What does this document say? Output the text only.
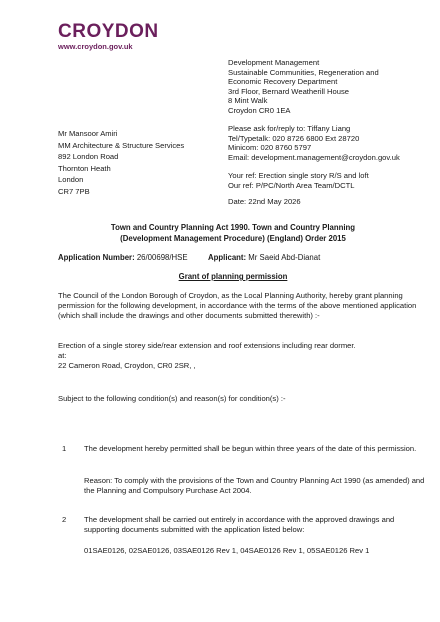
CROYDON
www.croydon.gov.uk
Development Management
Sustainable Communities, Regeneration and
Economic Recovery Department
3rd Floor, Bernard Weatherill House
8 Mint Walk
Croydon CR0 1EA
Please ask for/reply to: Tiffany Liang
Tel/Typetalk: 020 8726 6800 Ext 28720
Minicom: 020 8760 5797
Email: development.management@croydon.gov.uk
Mr Mansoor Amiri
MM Architecture & Structure Services
892 London Road
Thornton Heath
London
CR7 7PB
Your ref: Erection single story R/S and loft
Our ref: P/PC/North Area Team/DCTL
Date: 22nd May 2026
Town and Country Planning Act 1990. Town and Country Planning
(Development Management Procedure) (England) Order 2015
Application Number: 26/00698/HSE	Applicant: Mr Saeid Abd-Dianat
Grant of planning permission
The Council of the London Borough of Croydon, as the Local Planning Authority, hereby grant planning permission for the following development, in accordance with the terms of the above mentioned application (which shall include the drawings and other documents submitted therewith) :-
Erection of a single storey side/rear extension and roof extensions including rear dormer.
at:
22 Cameron Road, Croydon, CR0 2SR, ,
Subject to the following condition(s) and reason(s) for condition(s) :-
1 The development hereby permitted shall be begun within three years of the date of this permission.
Reason: To comply with the provisions of the Town and Country Planning Act 1990 (as amended) and the Planning and Compulsory Purchase Act 2004.
2 The development shall be carried out entirely in accordance with the approved drawings and supporting documents submitted with the application listed below:
01SAE0126, 02SAE0126, 03SAE0126 Rev 1, 04SAE0126 Rev 1, 05SAE0126 Rev 1
